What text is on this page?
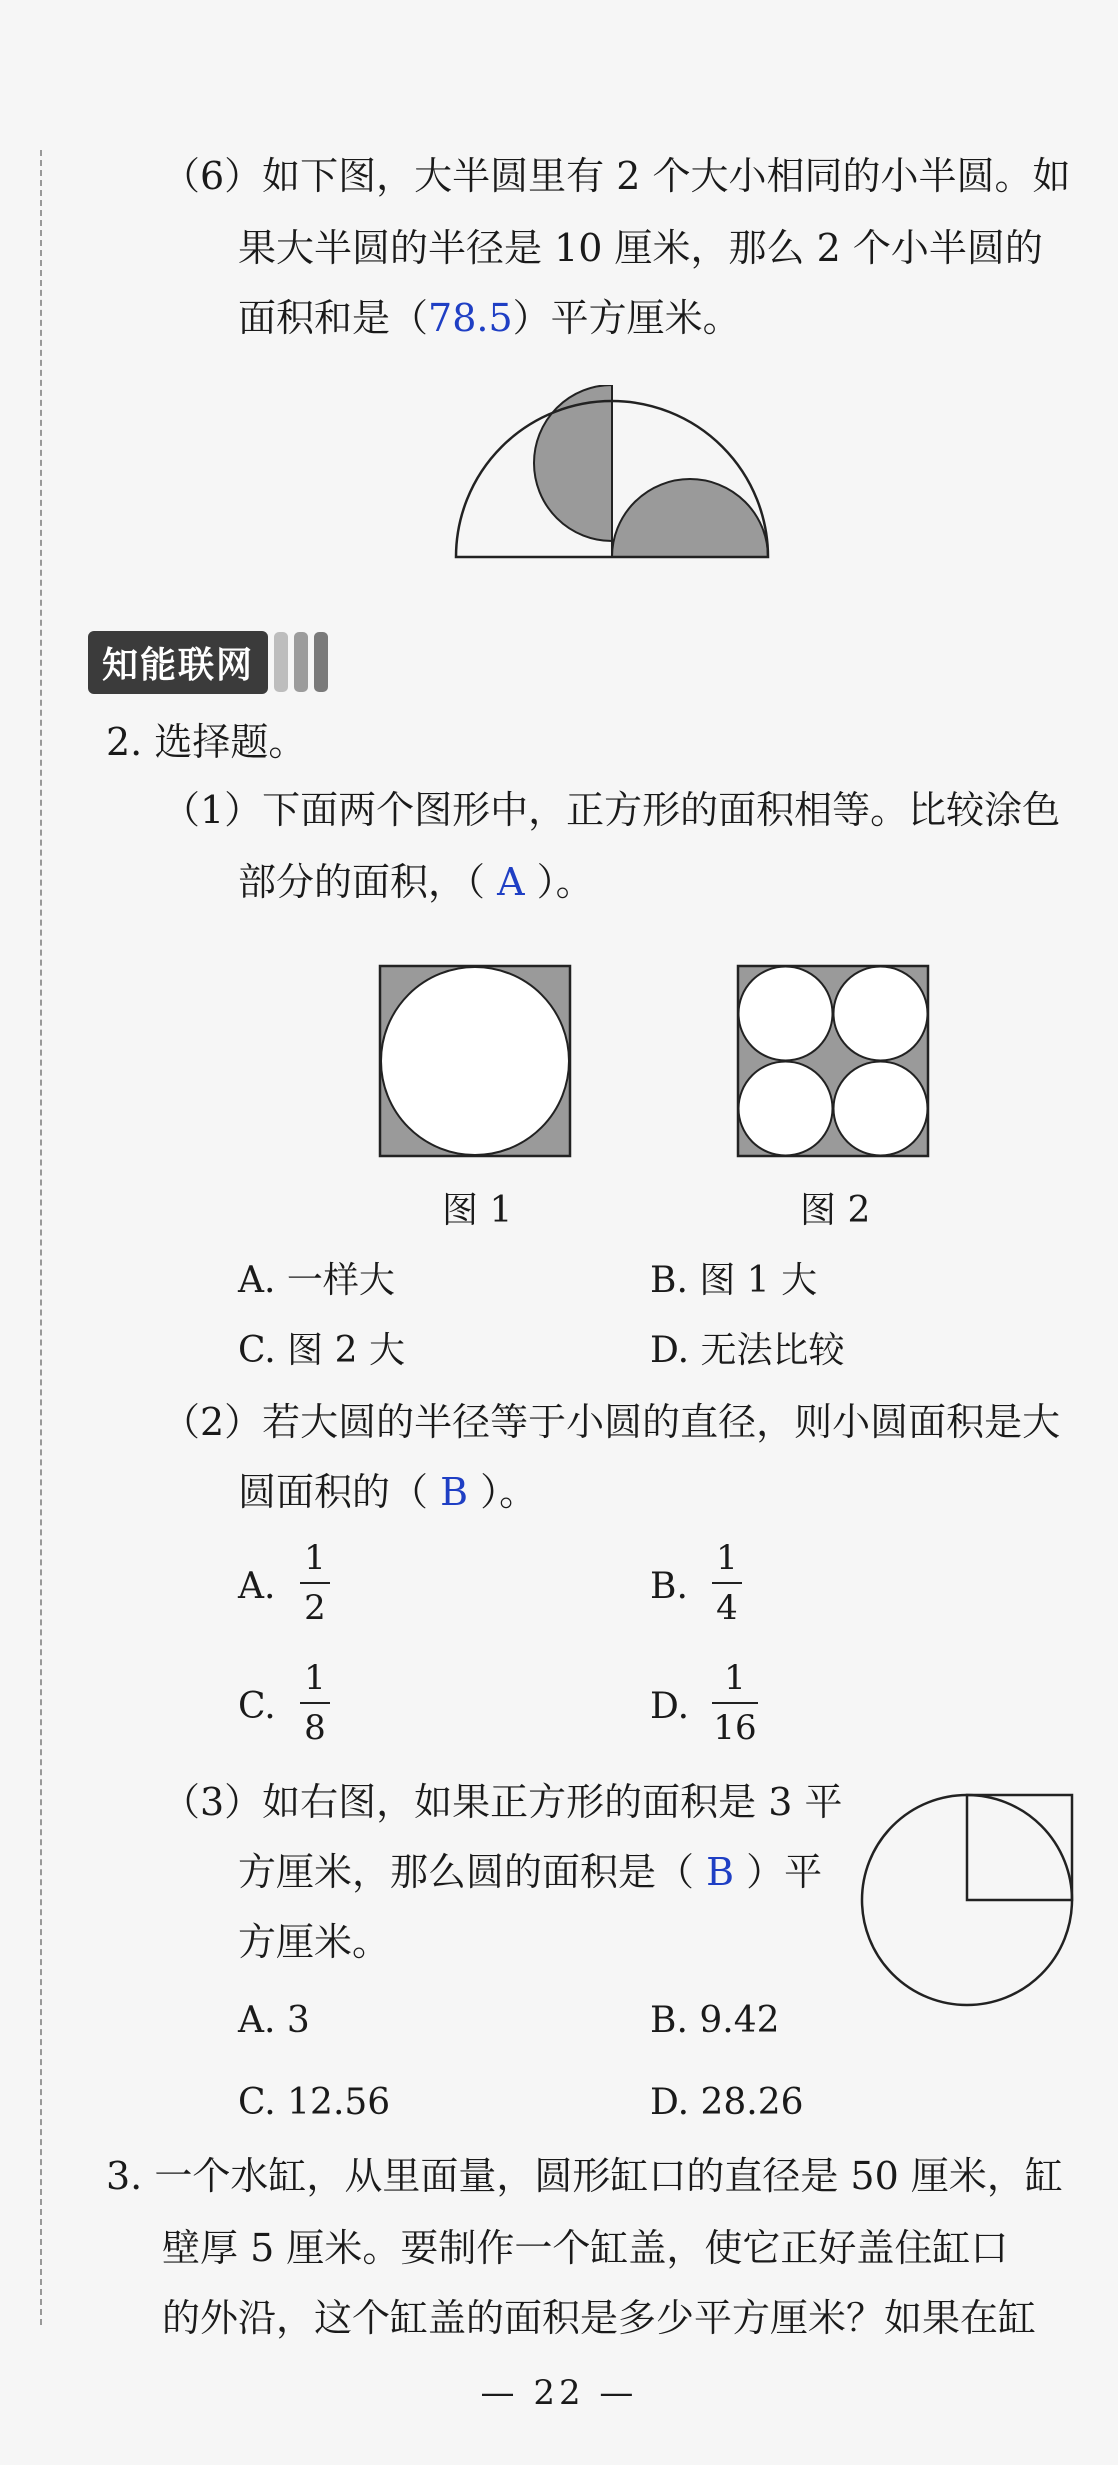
（6）如下图，大半圆里有 2 个大小相同的小半圆。如
果大半圆的半径是 10 厘米，那么 2 个小半圆的
面积和是（78.5）平方厘米。
知能联网
2. 选择题。
（1）下面两个图形中，正方形的面积相等。比较涂色
部分的面积，（ A ）。
图 1	图 2
A. 一样大	B. 图 1 大
C. 图 2 大	D. 无法比较
（2）若大圆的半径等于小圆的直径，则小圆面积是大
圆面积的（ B ）。
A.
1
2
B.
1
4
C.
1
8
D.
1
16
（3）如右图，如果正方形的面积是 3 平
方厘米，那么圆的面积是（ B ）平
方厘米。
A. 3	B. 9.42
C. 12.56	D. 28.26
3. 一个水缸，从里面量，圆形缸口的直径是 50 厘米，缸
壁厚 5 厘米。要制作一个缸盖，使它正好盖住缸口
的外沿，这个缸盖的面积是多少平方厘米？如果在缸
— 22 —
